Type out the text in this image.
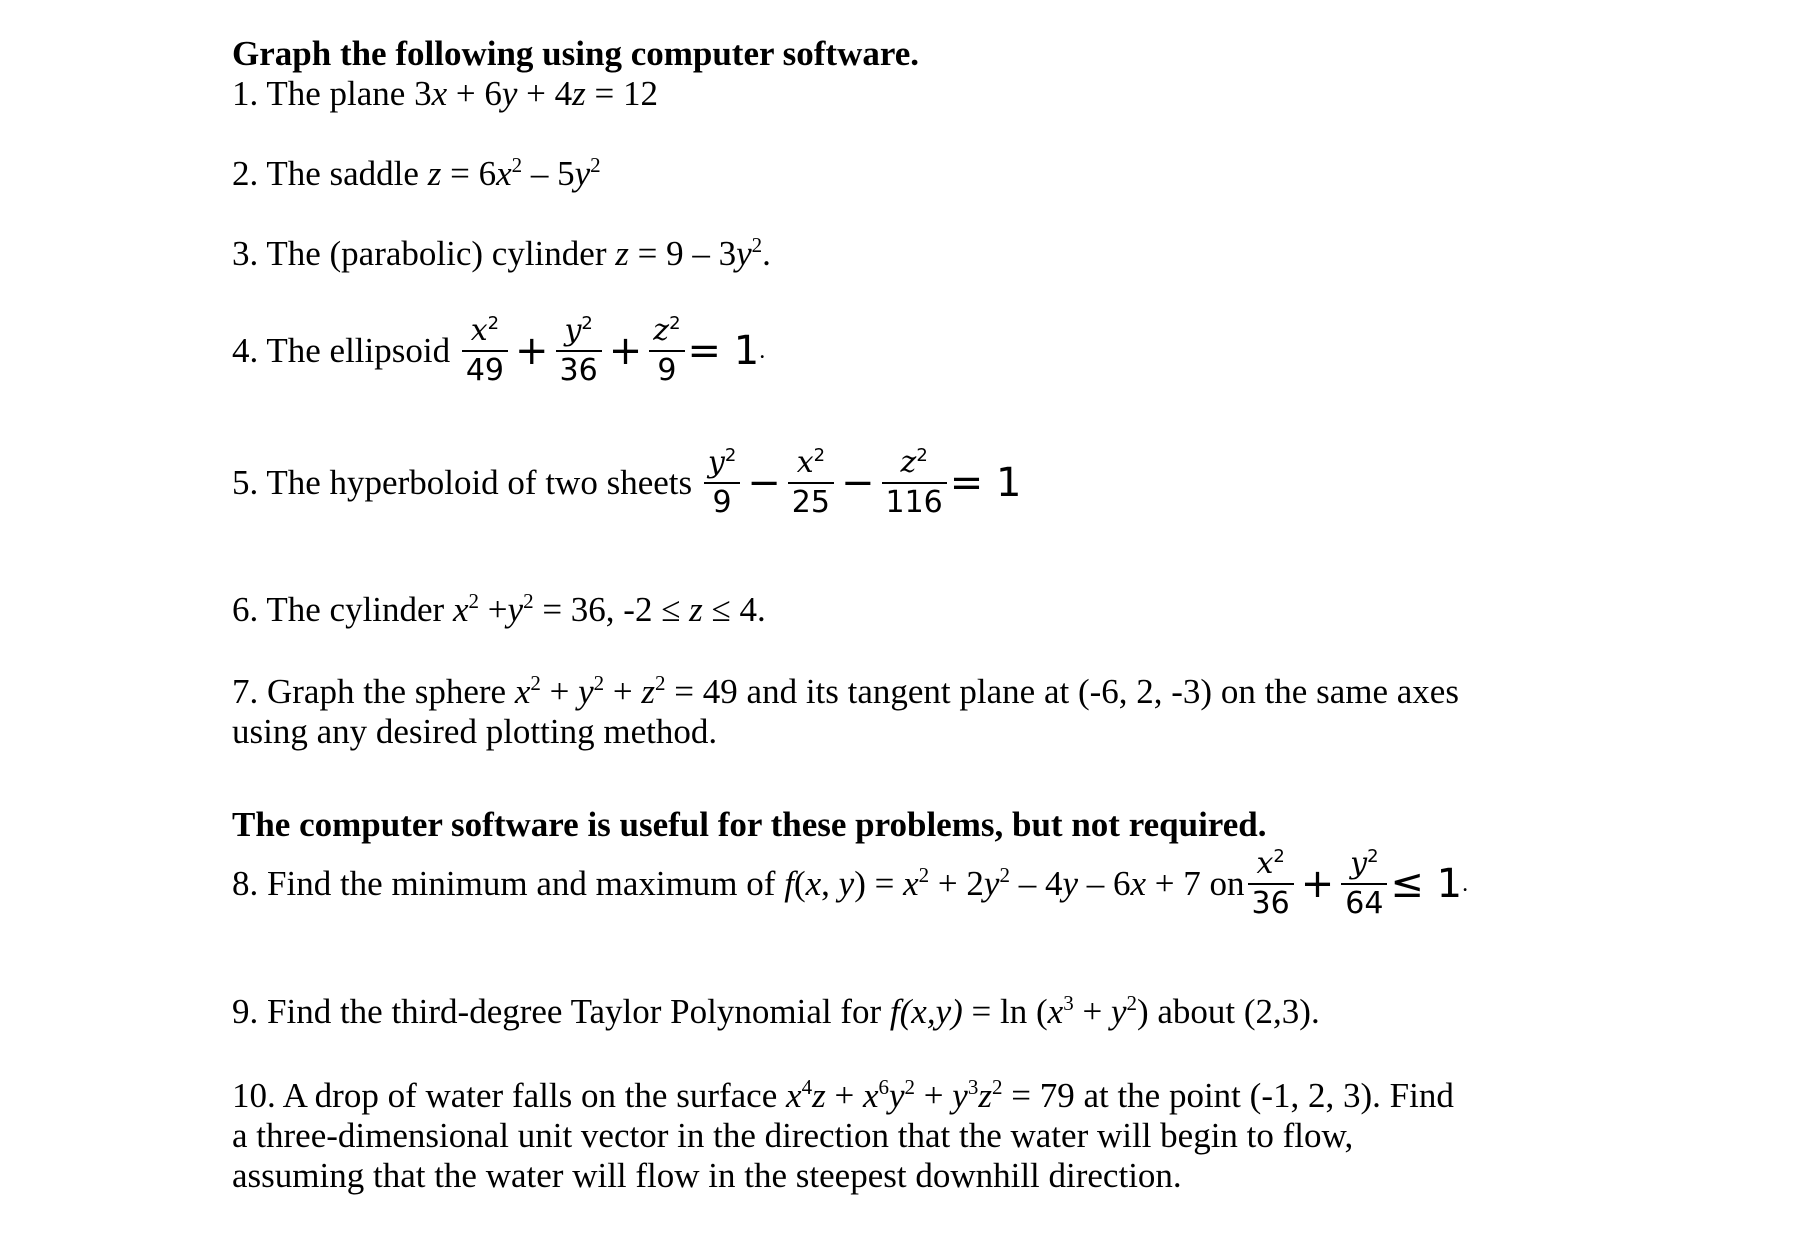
Graph the following using computer software.
1. The plane 3x + 6y + 4z = 12
2. The saddle $z = 6x^2 - 5y^2$
3. The (parabolic) cylinder $z = 9 - 3y^2$.
4. The ellipsoid $\frac{x^2}{49} + \frac{y^2}{36} + \frac{z^2}{9} = 1$.
5. The hyperboloid of two sheets $\frac{y^2}{9} - \frac{x^2}{25} - \frac{z^2}{116} = 1$
6. The cylinder $x^2 +y^2 = 36$, -2 ≤ z ≤ 4.
7. Graph the sphere $x^2 + y^2 + z^2 = 49$ and its tangent plane at (-6, 2, -3) on the same axes
using any desired plotting method.
The computer software is useful for these problems, but not required.
8. Find the minimum and maximum of f(x, $y) = x^2 + 2y^2 - 4y - 6x + 7$ on $\frac{x^2}{36} + \frac{y^2}{64} \le 1$.
9. Find the third-degree Taylor Polynomial for $f(x,y) = \ln (x^3 + y^2)$ about (2,3).
10. A drop of water falls on the surface $x^4z + x^6y^2 + y^3z^2 = 79$ at the point (-1, 2, 3). Find
a three-dimensional unit vector in the direction that the water will begin to flow,
assuming that the water will flow in the steepest downhill direction.
